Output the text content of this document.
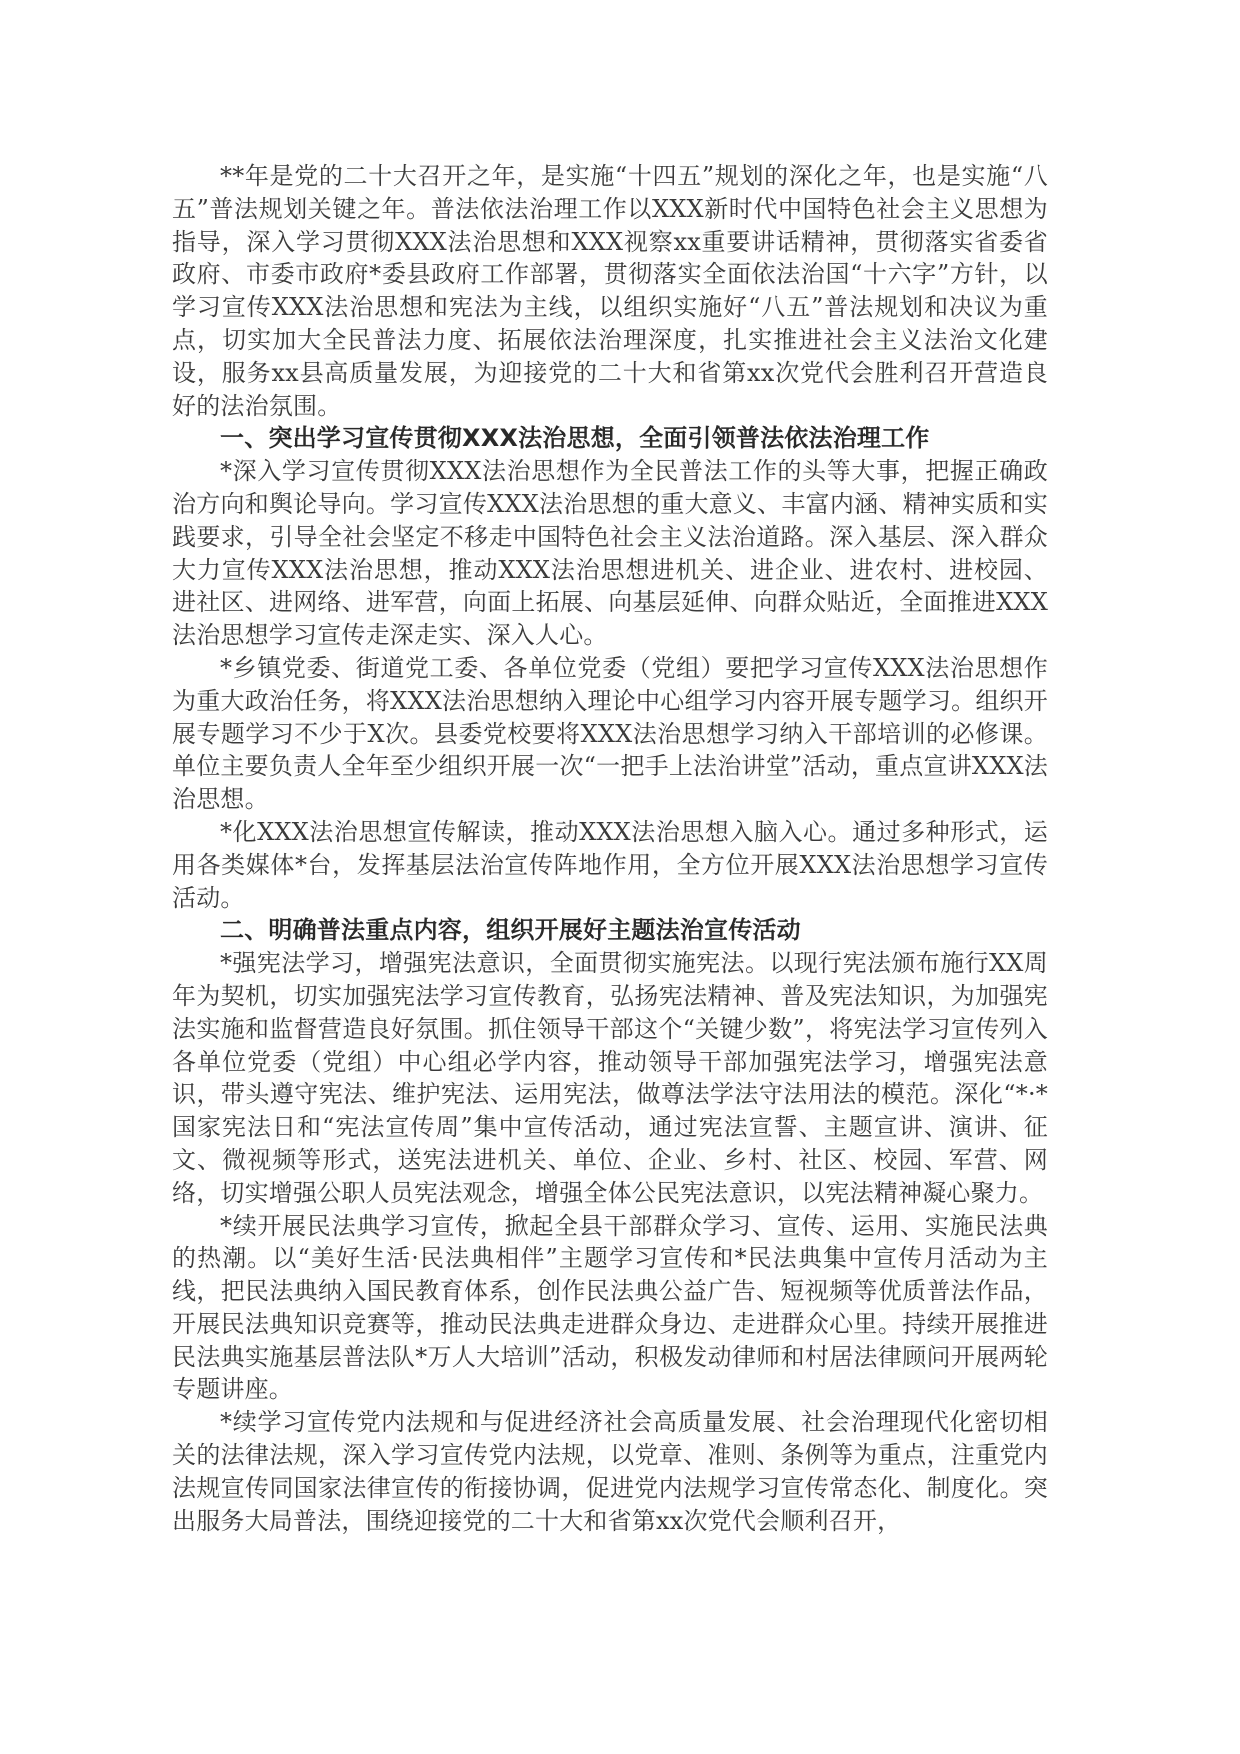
**年是党的二十大召开之年，是实施“十四五”规划的深化之年，也是实施“八五”普法规划关键之年。普法依法治理工作以XXX新时代中国特色社会主义思想为指导，深入学习贯彻XXX法治思想和XXX视察xx重要讲话精神，贯彻落实省委省政府、市委市政府*委县政府工作部署，贯彻落实全面依法治国“十六字”方针，以学习宣传XXX法治思想和宪法为主线，以组织实施好“八五”普法规划和决议为重点，切实加大全民普法力度、拓展依法治理深度，扎实推进社会主义法治文化建设，服务xx县高质量发展，为迎接党的二十大和省第xx次党代会胜利召开营造良好的法治氛围。

一、突出学习宣传贯彻XXX法治思想，全面引领普法依法治理工作

*深入学习宣传贯彻XXX法治思想作为全民普法工作的头等大事，把握正确政治方向和舆论导向。学习宣传XXX法治思想的重大意义、丰富内涵、精神实质和实践要求，引导全社会坚定不移走中国特色社会主义法治道路。深入基层、深入群众大力宣传XXX法治思想，推动XXX法治思想进机关、进企业、进农村、进校园、进社区、进网络、进军营，向面上拓展、向基层延伸、向群众贴近，全面推进XXX法治思想学习宣传走深走实、深入人心。

*乡镇党委、街道党工委、各单位党委（党组）要把学习宣传XXX法治思想作为重大政治任务，将XXX法治思想纳入理论中心组学习内容开展专题学习。组织开展专题学习不少于X次。县委党校要将XXX法治思想学习纳入干部培训的必修课。单位主要负责人全年至少组织开展一次“一把手上法治讲堂”活动，重点宣讲XXX法治思想。

*化XXX法治思想宣传解读，推动XXX法治思想入脑入心。通过多种形式，运用各类媒体*台，发挥基层法治宣传阵地作用，全方位开展XXX法治思想学习宣传活动。

二、明确普法重点内容，组织开展好主题法治宣传活动

*强宪法学习，增强宪法意识，全面贯彻实施宪法。以现行宪法颁布施行XX周年为契机，切实加强宪法学习宣传教育，弘扬宪法精神、普及宪法知识，为加强宪法实施和监督营造良好氛围。抓住领导干部这个“关键少数”，将宪法学习宣传列入各单位党委（党组）中心组必学内容，推动领导干部加强宪法学习，增强宪法意识，带头遵守宪法、维护宪法、运用宪法，做尊法学法守法用法的模范。深化“*·*国家宪法日和“宪法宣传周”集中宣传活动，通过宪法宣誓、主题宣讲、演讲、征文、微视频等形式，送宪法进机关、单位、企业、乡村、社区、校园、军营、网络，切实增强公职人员宪法观念，增强全体公民宪法意识，以宪法精神凝心聚力。

*续开展民法典学习宣传，掀起全县干部群众学习、宣传、运用、实施民法典的热潮。以“美好生活·民法典相伴”主题学习宣传和*民法典集中宣传月活动为主线，把民法典纳入国民教育体系，创作民法典公益广告、短视频等优质普法作品，开展民法典知识竞赛等，推动民法典走进群众身边、走进群众心里。持续开展推进民法典实施基层普法队*万人大培训”活动，积极发动律师和村居法律顾问开展两轮专题讲座。

*续学习宣传党内法规和与促进经济社会高质量发展、社会治理现代化密切相关的法律法规，深入学习宣传党内法规，以党章、准则、条例等为重点，注重党内法规宣传同国家法律宣传的衔接协调，促进党内法规学习宣传常态化、制度化。突出服务大局普法，围绕迎接党的二十大和省第xx次党代会顺利召开，
